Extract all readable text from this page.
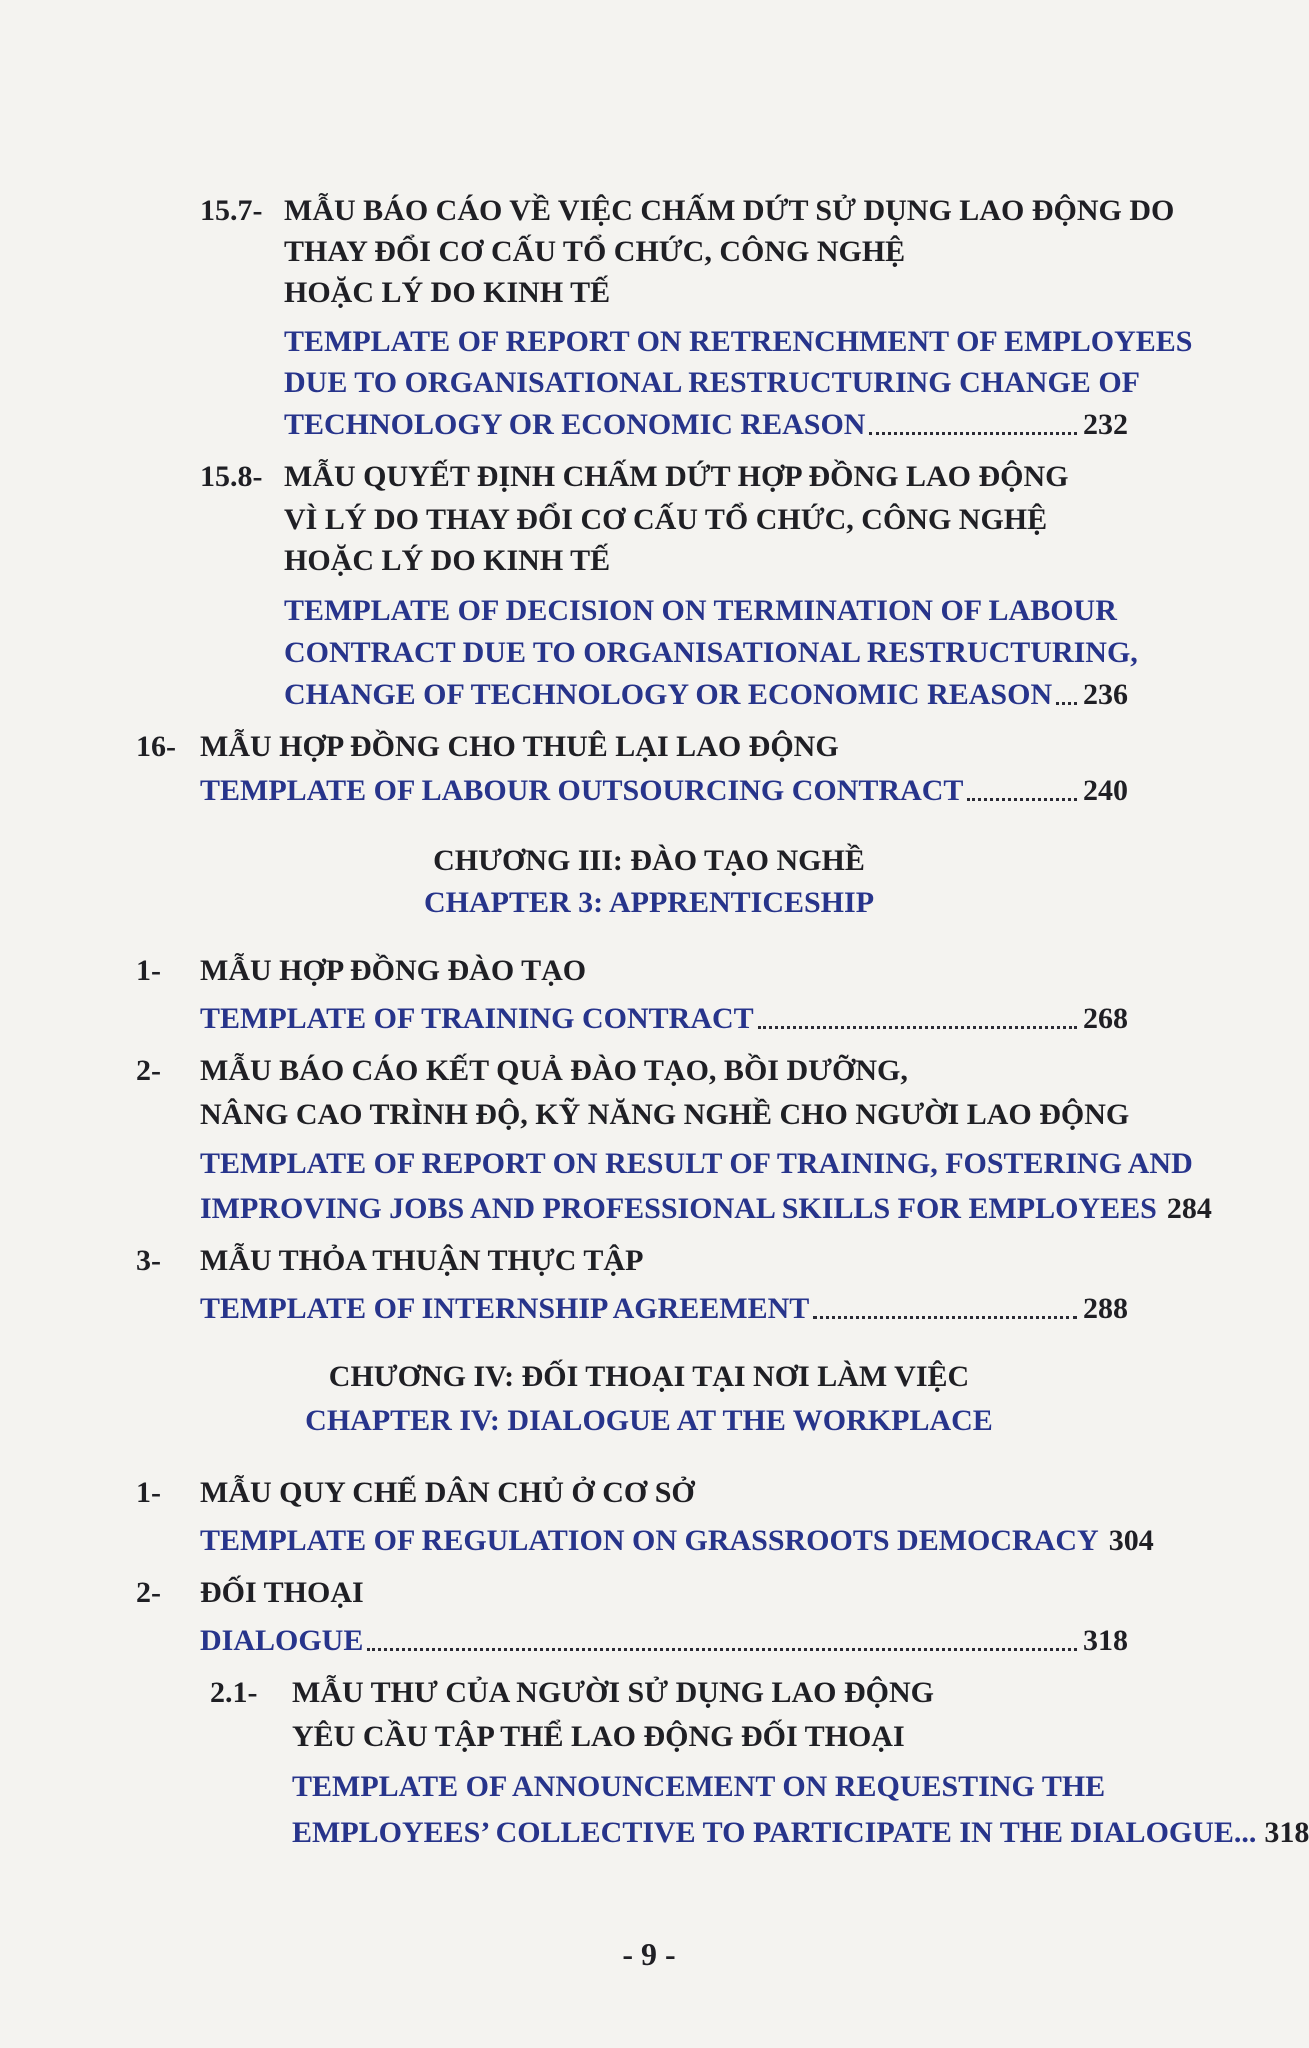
15.7- MẪU BÁO CÁO VỀ VIỆC CHẤM DỨT SỬ DỤNG LAO ĐỘNG DO
THAY ĐỔI CƠ CẤU TỔ CHỨC, CÔNG NGHỆ
HOẶC LÝ DO KINH TẾ
TEMPLATE OF REPORT ON RETRENCHMENT OF EMPLOYEES
DUE TO ORGANISATIONAL RESTRUCTURING CHANGE OF
TECHNOLOGY OR ECONOMIC REASON	232
15.8- MẪU QUYẾT ĐỊNH CHẤM DỨT HỢP ĐỒNG LAO ĐỘNG
VÌ LÝ DO THAY ĐỔI CƠ CẤU TỔ CHỨC, CÔNG NGHỆ
HOẶC LÝ DO KINH TẾ
TEMPLATE OF DECISION ON TERMINATION OF LABOUR
CONTRACT DUE TO ORGANISATIONAL RESTRUCTURING,
CHANGE OF TECHNOLOGY OR ECONOMIC REASON 236
16- MẪU HỢP ĐỒNG CHO THUÊ LẠI LAO ĐỘNG
TEMPLATE OF LABOUR OUTSOURCING CONTRACT	240
CHƯƠNG III: ĐÀO TẠO NGHỀ
CHAPTER 3: APPRENTICESHIP
1- MẪU HỢP ĐỒNG ĐÀO TẠO
TEMPLATE OF TRAINING CONTRACT	268
2- MẪU BÁO CÁO KẾT QUẢ ĐÀO TẠO, BỒI DƯỠNG,
NÂNG CAO TRÌNH ĐỘ, KỸ NĂNG NGHỀ CHO NGƯỜI LAO ĐỘNG
TEMPLATE OF REPORT ON RESULT OF TRAINING, FOSTERING AND
IMPROVING JOBS AND PROFESSIONAL SKILLS FOR EMPLOYEES 284
3- MẪU THỎA THUẬN THỰC TẬP
TEMPLATE OF INTERNSHIP AGREEMENT	288
CHƯƠNG IV: ĐỐI THOẠI TẠI NƠI LÀM VIỆC
CHAPTER IV: DIALOGUE AT THE WORKPLACE
1- MẪU QUY CHẾ DÂN CHỦ Ở CƠ SỞ
TEMPLATE OF REGULATION ON GRASSROOTS DEMOCRACY 304
2- ĐỐI THOẠI
DIALOGUE	318
2.1- MẪU THƯ CỦA NGƯỜI SỬ DỤNG LAO ĐỘNG
YÊU CẦU TẬP THỂ LAO ĐỘNG ĐỐI THOẠI
TEMPLATE OF ANNOUNCEMENT ON REQUESTING THE
EMPLOYEES’ COLLECTIVE TO PARTICIPATE IN THE DIALOGUE... 318
- 9 -
